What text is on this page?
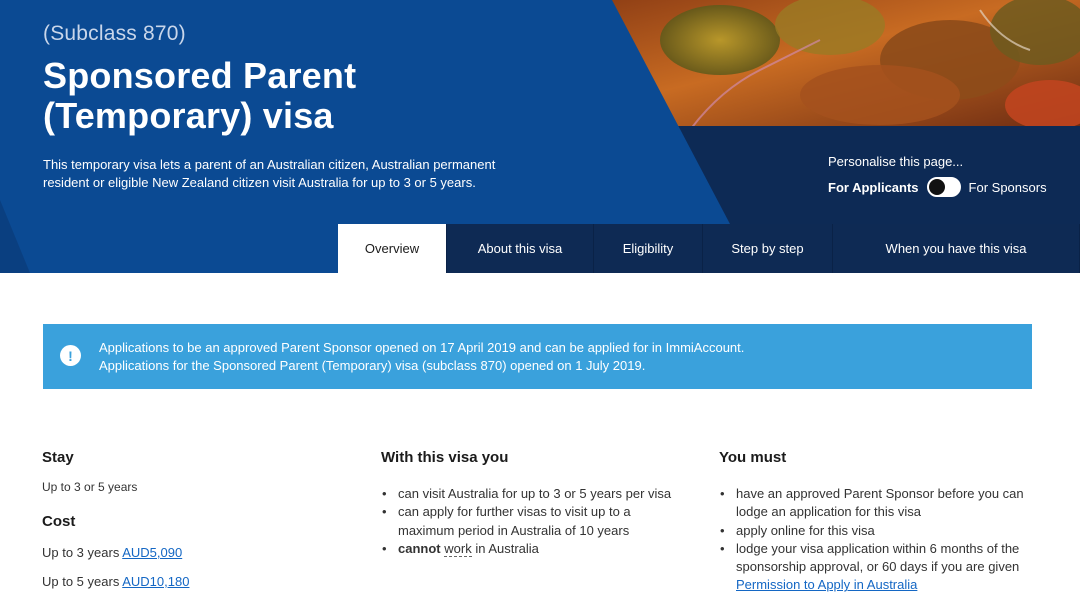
(Subclass 870)
Sponsored Parent
(Temporary) visa
This temporary visa lets a parent of an Australian citizen, Australian permanent resident or eligible New Zealand citizen visit Australia for up to 3 or 5 years.
Personalise this page...
For Applicants	For Sponsors
Overview	About this visa	Eligibility	Step by step	When you have this visa
!	Applications to be an approved Parent Sponsor opened on 17 April 2019 and can be applied for in ImmiAccount.
Applications for the Sponsored Parent (Temporary) visa (subclass 870) opened on 1 July 2019.
Stay
Up to 3 or 5 years
Cost
Up to 3 years AUD5,090
Up to 5 years AUD10,180
With this visa you
• can visit Australia for up to 3 or 5 years per visa
• can apply for further visas to visit up to a maximum period in Australia of 10 years
• cannot work in Australia
You must
• have an approved Parent Sponsor before you can lodge an application for this visa
• apply online for this visa
• lodge your visa application within 6 months of the sponsorship approval, or 60 days if you are given Permission to Apply in Australia
